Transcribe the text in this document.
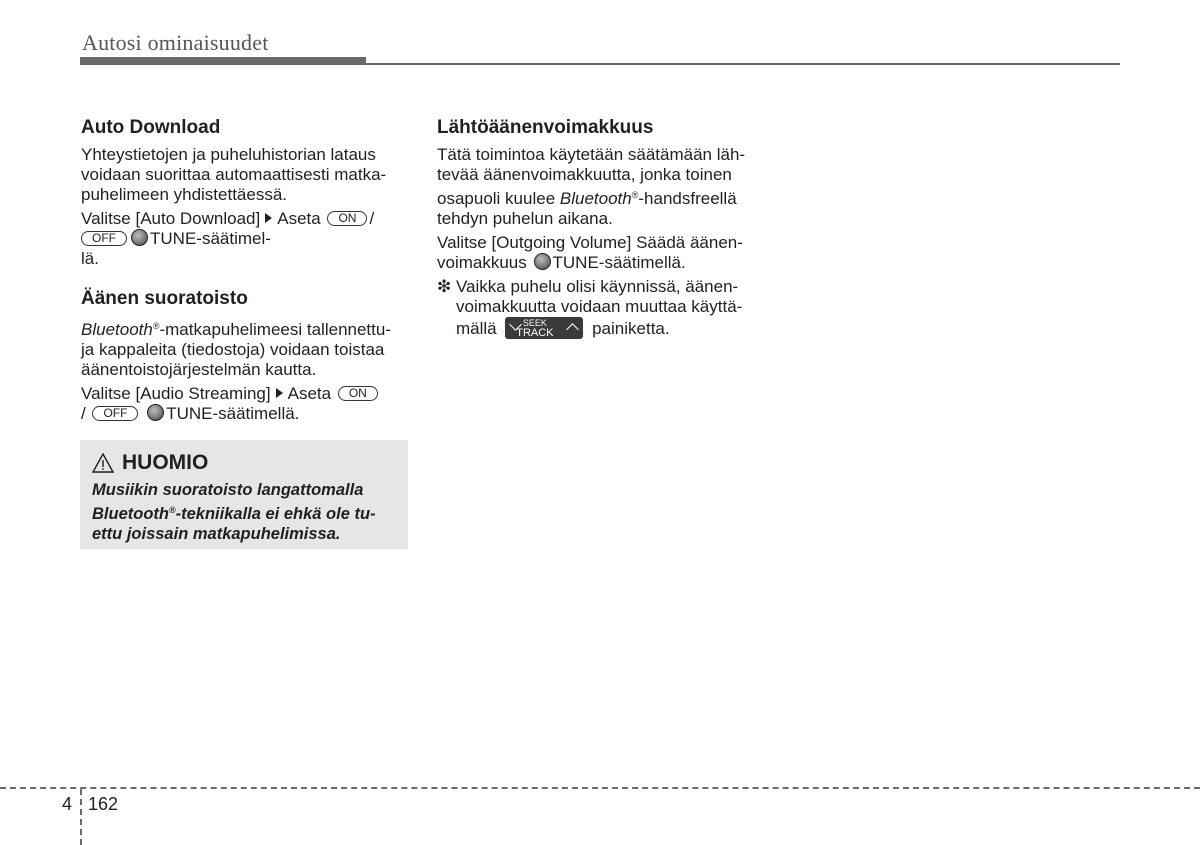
Autosi ominaisuudet
Auto Download

Yhteystietojen ja puheluhistorian lataus
voidaan suorittaa automaattisesti matka-
puhelimeen yhdistettäessä.

Valitse [Auto Download] Aseta ON /
OFF TUNE-säätimel-
lä.

Äänen suoratoisto

Bluetooth®-matkapuhelimeesi tallennettu-
ja kappaleita (tiedostoja) voidaan toistaa
äänentoistojärjestelmän kautta.

Valitse [Audio Streaming] Aseta ON
/ OFF TUNE-säätimellä.

HUOMIO
Musiikin suoratoisto langattomalla
Bluetooth®-tekniikalla ei ehkä ole tu-
ettu joissain matkapuhelimissa.
Lähtöäänenvoimakkuus

Tätä toimintoa käytetään säätämään läh-
tevää äänenvoimakkuutta, jonka toinen
osapuoli kuulee Bluetooth®-handsfreellä
tehdyn puhelun aikana.

Valitse [Outgoing Volume] Säädä äänen-
voimakkuus TUNE-säätimellä.

❇ Vaikka puhelu olisi käynnissä, äänen-
voimakkuutta voidaan muuttaa käyttä-
mällä	SEEK
TRACK	painiketta.

4 162
